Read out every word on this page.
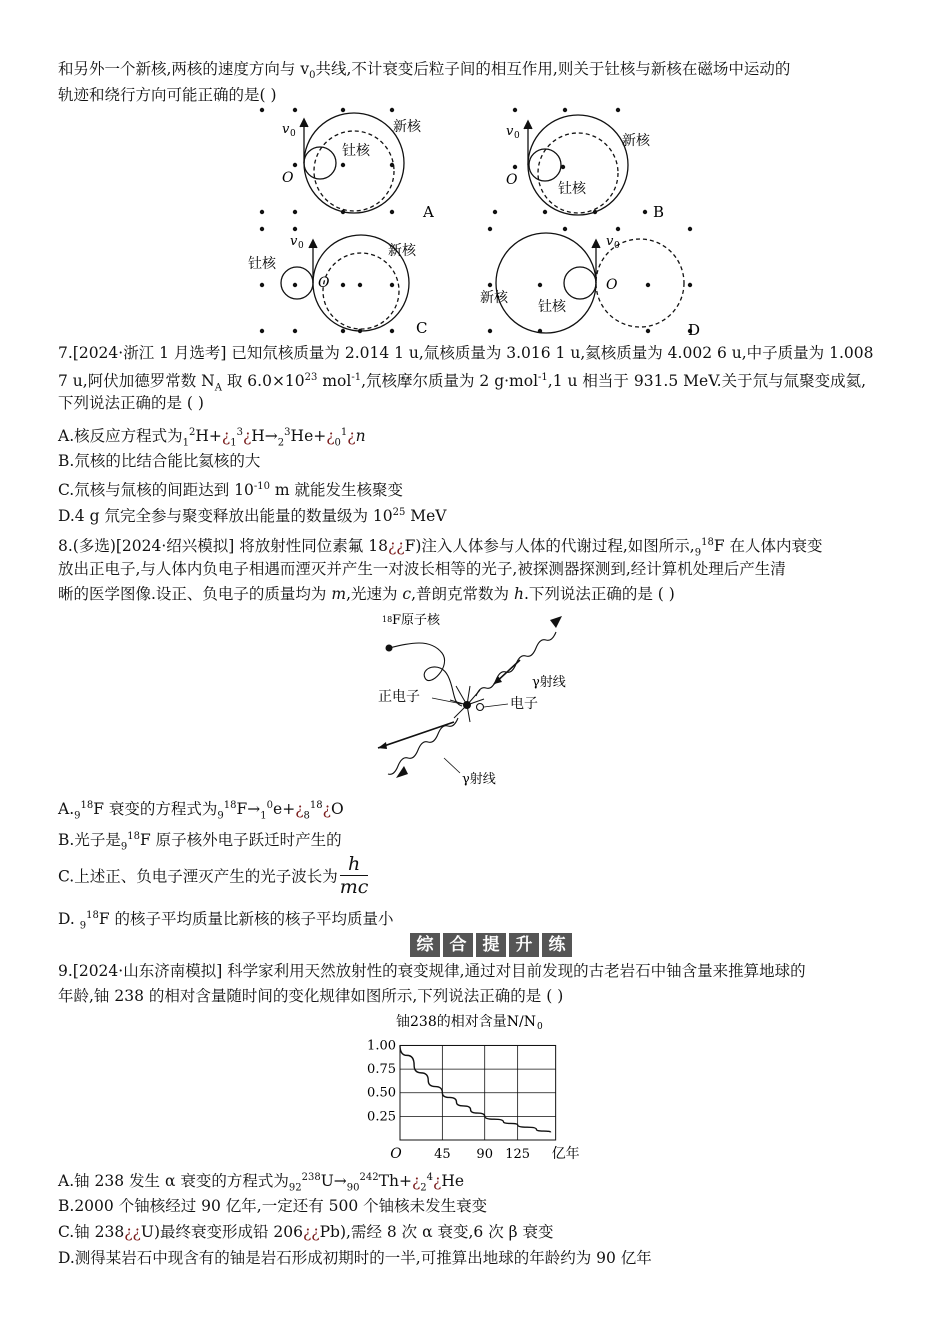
和另外一个新核,两核的速度方向与 $v_0$共线,不计衰变后粒子间的相互作用,则关于钍核与新核在磁场中运动的
轨迹和绕行方向可能正确的是( )
v 0
O
钍核
新核
A
v 0
O
钍核
新核
B
v 0
O
钍核
新核
C
v 0
O
钍核
新核
D
7.[2024·浙江 1 月选考] 已知氘核质量为 2.014 1 u,氚核质量为 3.016 1 u,氦核质量为 4.002 6 u,中子质量为 1.008
7 u,阿伏加德罗常数 $N_A$ 取 $6.0\times 10^{23}$ mol$^{-1}$,氘核摩尔质量为 2 g·mol$^{-1}$,1 u 相当于 931.5 MeV.关于氘与氚聚变成氦,
下列说法正确的是 ( )
A.核反应方程式为$_1^2H+¿_1^3¿H\to_2^3He+¿_0^1¿n$
B.氘核的比结合能比氦核的大
C.氘核与氚核的间距达到 $10^{-10}$ m 就能发生核聚变
D.4 g 氘完全参与聚变释放出能量的数量级为 $10^{25}$ MeV
8.(多选)[2024·绍兴模拟] 将放射性同位素氟 18¿¿F)注入人体参与人体的代谢过程,如图所示$,_9^{18}F$ 在人体内衰变
放出正电子,与人体内负电子相遇而湮灭并产生一对波长相等的光子,被探测器探测到,经计算机处理后产生清
晰的医学图像.设正、负电子的质量均为 m,光速为 c,普朗克常数为 h.下列说法正确的是 ( )
18 F原子核
γ射线
正电子	电子
γ射线
$A._9^{18}F$ 衰变的方程式为$_9^{18}F\to_1^0e+¿_8^{18}¿O$
B.光子是$_9^{18}$F 原子核外电子跃迁时产生的
C.上述正、负电子湮灭产生的光子波长为 $\frac{h}{mc}$
D. $_9^{18}$F 的核子平均质量比新核的核子平均质量小
综 合 提 升 练
9.[2024·山东济南模拟] 科学家利用天然放射性的衰变规律,通过对目前发现的古老岩石中铀含量来推算地球的
年龄,铀 238 的相对含量随时间的变化规律如图所示,下列说法正确的是 ( )
铀238的相对含量N/N 0
1.00
0.75
0.50
0.25
45 90 125
O	亿年
A.铀 238 发生 α 衰变的方程式为$_{92}^{238}U\to_{90}^{242}Th+¿_2^4¿He$
B.2000 个铀核经过 90 亿年,一定还有 500 个铀核未发生衰变
C.铀 238¿¿U)最终衰变形成铅 206¿¿Pb),需经 8 次 α 衰变,6 次 β 衰变
D.测得某岩石中现含有的铀是岩石形成初期时的一半,可推算出地球的年龄约为 90 亿年
